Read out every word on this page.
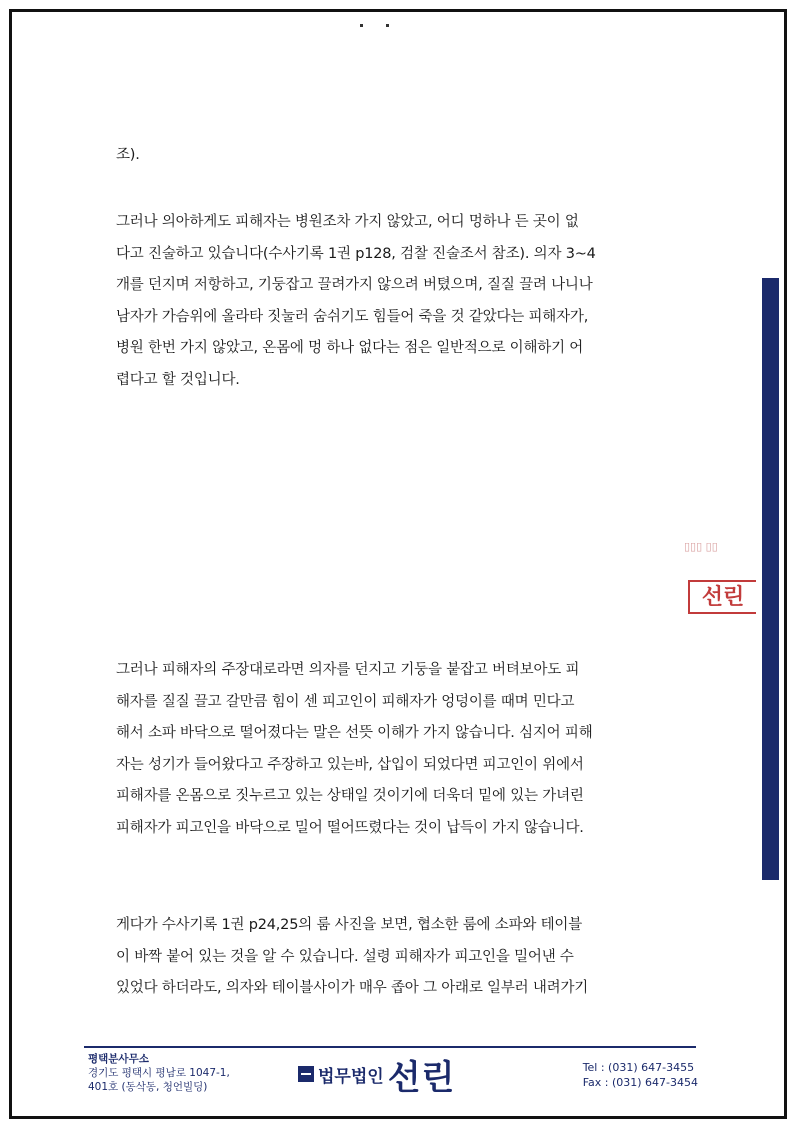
조).

그러나 의아하게도 피해자는 병원조차 가지 않았고, 어디 멍하나 든 곳이 없

다고 진술하고 있습니다(수사기록 1권 p128, 검찰 진술조서 참조). 의자 3~4

개를 던지며 저항하고, 기둥잡고 끌려가지 않으려 버텼으며, 질질 끌려 나니나

남자가 가슴위에 올라타 짓눌러 숨쉬기도 힘들어 죽을 것 같았다는 피해자가,

병원 한번 가지 않았고, 온몸에 멍 하나 없다는 점은 일반적으로 이해하기 어

렵다고 할 것입니다.

그러나 피해자의 주장대로라면 의자를 던지고 기둥을 붙잡고 버텨보아도 피

해자를 질질 끌고 갈만큼 힘이 센 피고인이 피해자가 엉덩이를 때며 민다고

해서 소파 바닥으로 떨어졌다는 말은 선뜻 이해가 가지 않습니다. 심지어 피해

자는 성기가 들어왔다고 주장하고 있는바, 삽입이 되었다면 피고인이 위에서

피해자를 온몸으로 짓누르고 있는 상태일 것이기에 더욱더 밑에 있는 가녀린

피해자가 피고인을 바닥으로 밀어 떨어뜨렸다는 것이 납득이 가지 않습니다.

게다가 수사기록 1권 p24,25의 룸 사진을 보면, 협소한 룸에 소파와 테이블

이 바짝 붙어 있는 것을 알 수 있습니다. 설령 피해자가 피고인을 밀어낸 수

있었다 하더라도, 의자와 테이블사이가 매우 좁아 그 아래로 일부러 내려가기

▯▯▯ ▯▯
선린
평택분사무소
경기도 평택시 평남로 1047-1,
401호 (동삭동, 청언빌딩)
법무법인 선린	Tel : (031) 647-3455
Fax : (031) 647-3454
